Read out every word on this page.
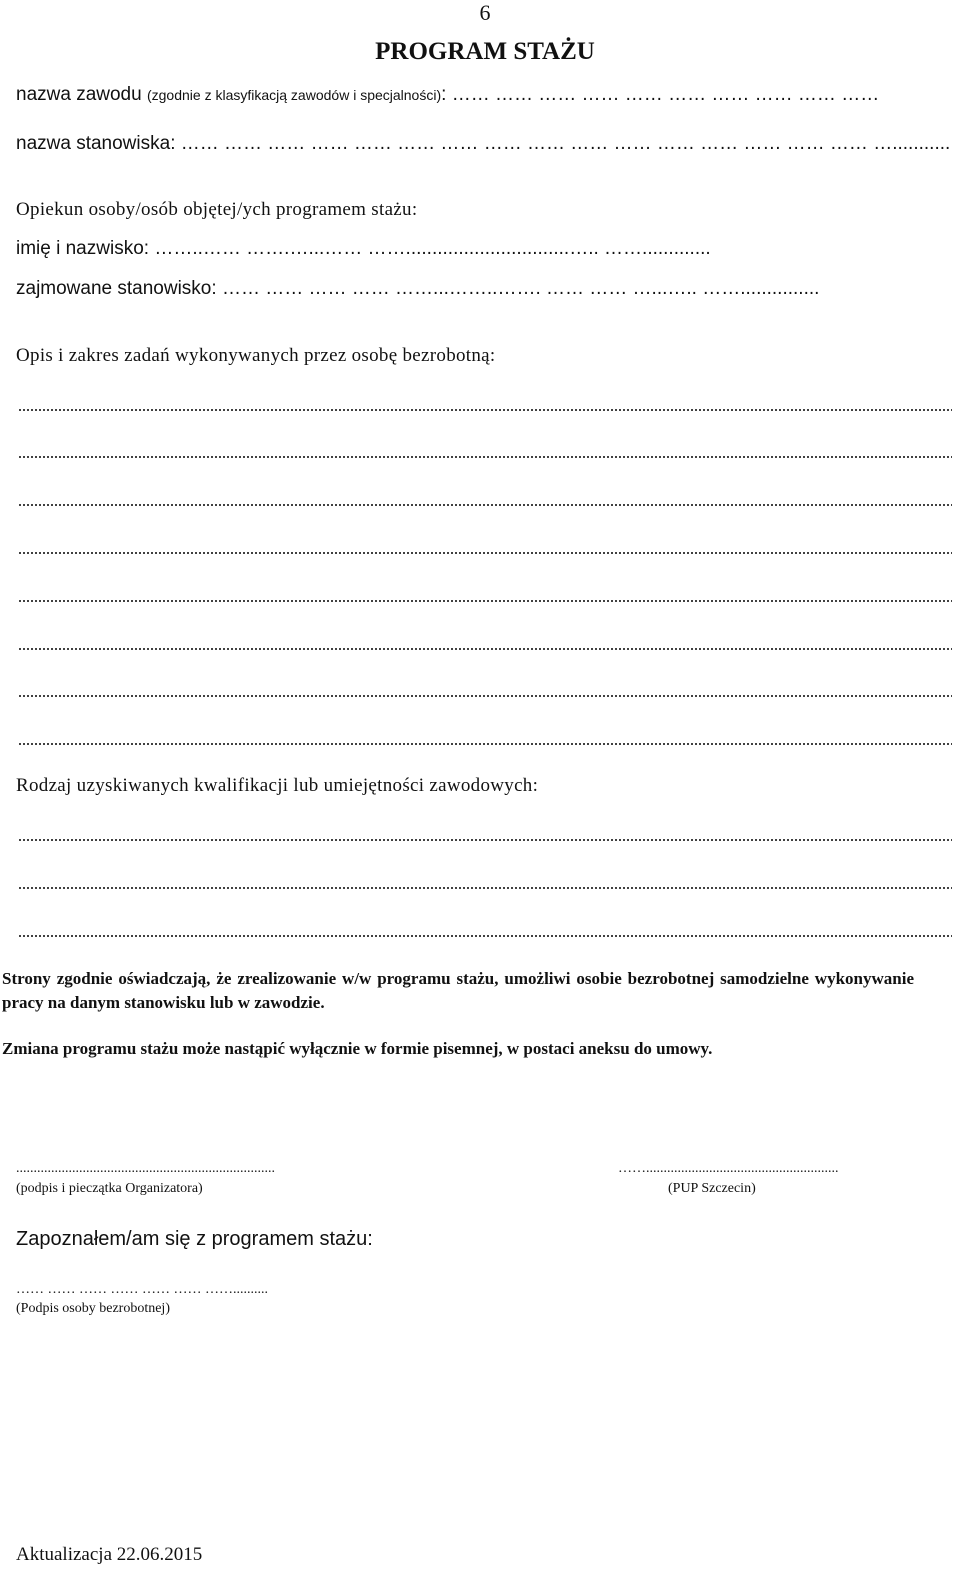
6
PROGRAM STAŻU
nazwa zawodu (zgodnie z klasyfikacją zawodów i specjalności): …… …… …… …… …… …… …… …… …… ……
nazwa stanowiska: …… …… …… …… …… …… …… …… …… …… …… …… …… …… …… …… …...........
Opiekun osoby/osób objętej/ych programem stażu:
imię i nazwisko: ……..…… …….…...…… ……...............................….. …….............
zajmowane stanowisko: …… …… …… …… ……...……..……. …… …… …...….. ……...............
Opis i zakres zadań wykonywanych przez osobę bezrobotną:
Rodzaj uzyskiwanych kwalifikacji lub umiejętności zawodowych:
Strony zgodnie oświadczają, że zrealizowanie w/w programu stażu, umożliwi osobie bezrobotnej samodzielne wykonywanie pracy na danym stanowisku lub w zawodzie.
Zmiana programu stażu może nastąpić wyłącznie w formie pisemnej, w postaci aneksu do umowy.
..........................................................................
(podpis i pieczątka Organizatora)
…….......................................................
(PUP Szczecin)
Zapoznałem/am się z programem stażu:
…… …… …… …… …… …… ……..........
(Podpis osoby bezrobotnej)
Aktualizacja 22.06.2015
